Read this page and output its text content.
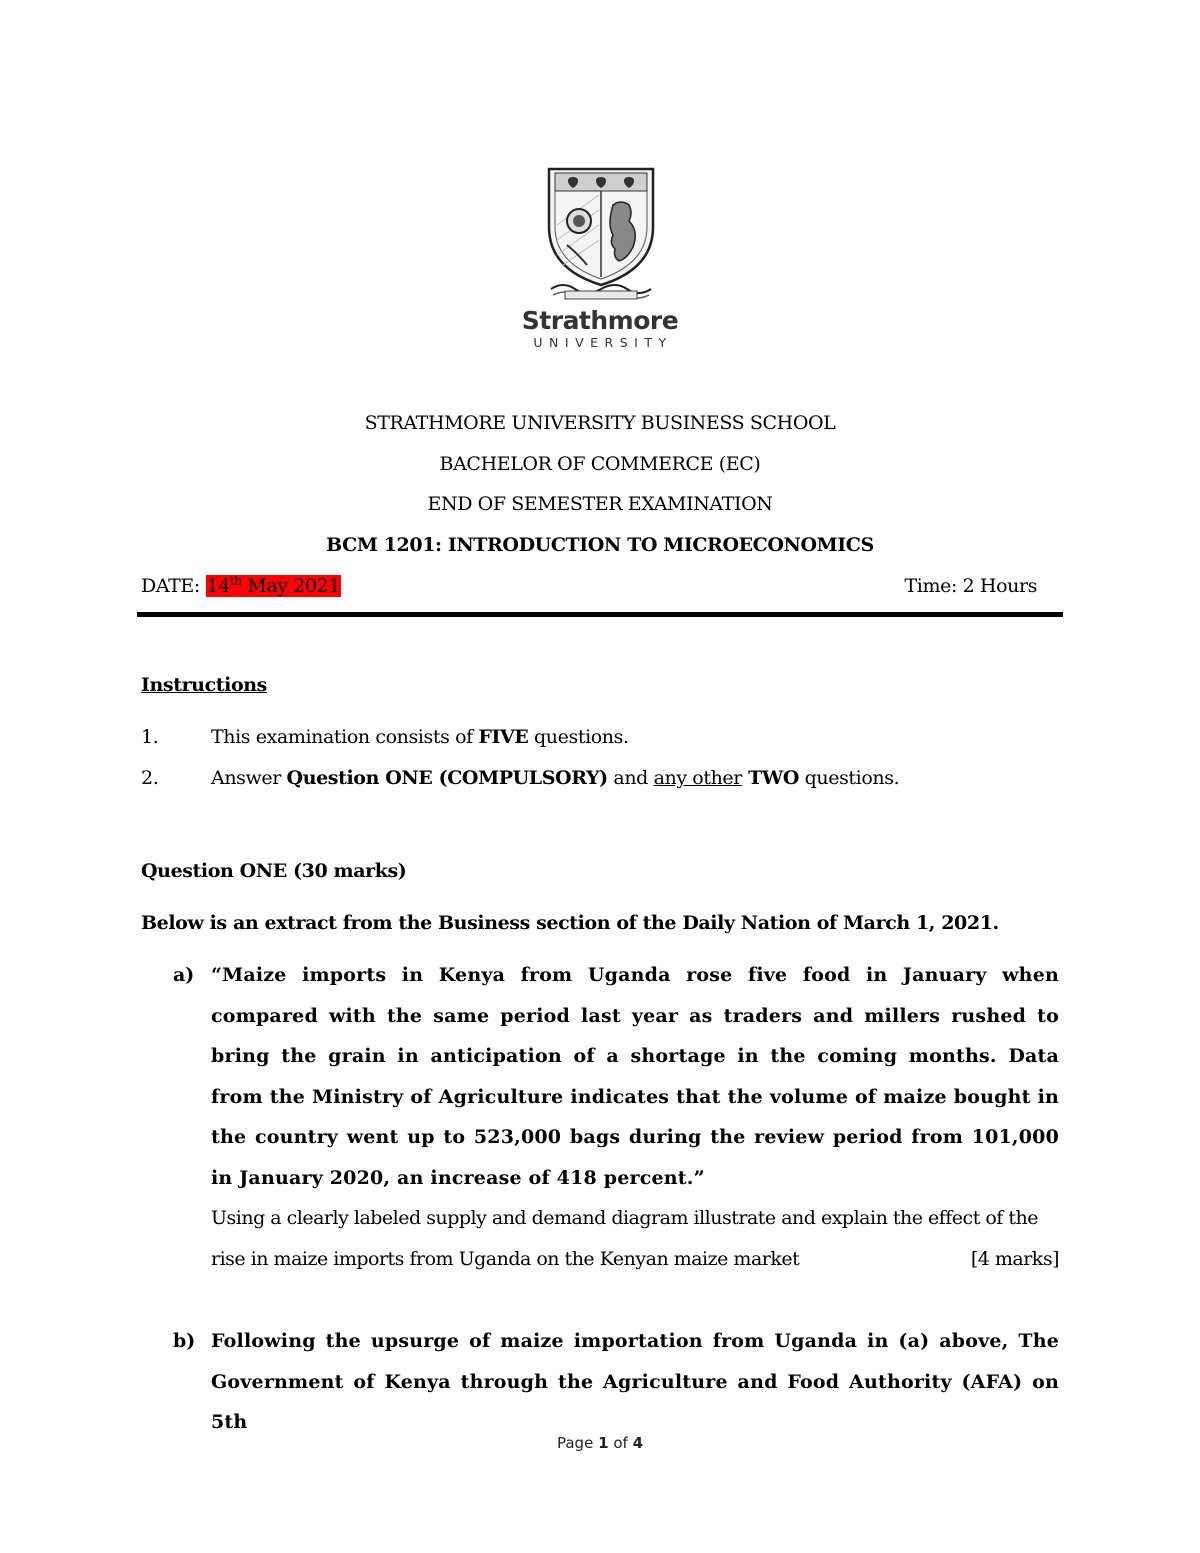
Strathmore
UNIVERSITY
STRATHMORE UNIVERSITY BUSINESS SCHOOL
BACHELOR OF COMMERCE (EC)
END OF SEMESTER EXAMINATION
BCM 1201: INTRODUCTION TO MICROECONOMICS
DATE: 14th May 2021	Time: 2 Hours
Instructions
1.	This examination consists of FIVE questions.
2.	Answer Question ONE (COMPULSORY) and any other TWO questions.
Question ONE (30 marks)
Below is an extract from the Business section of the Daily Nation of March 1, 2021.
a) “Maize imports in Kenya from Uganda rose five food in January when compared with the same period last year as traders and millers rushed to bring the grain in anticipation of a shortage in the coming months. Data from the Ministry of Agriculture indicates that the volume of maize bought in the country went up to 523,000 bags during the review period from 101,000 in January 2020, an increase of 418 percent.”
Using a clearly labeled supply and demand diagram illustrate and explain the effect of the rise in maize imports from Uganda on the Kenyan maize market	[4 marks]
b) Following the upsurge of maize importation from Uganda in (a) above, The Government of Kenya through the Agriculture and Food Authority (AFA) on 5th
Page 1 of 4
